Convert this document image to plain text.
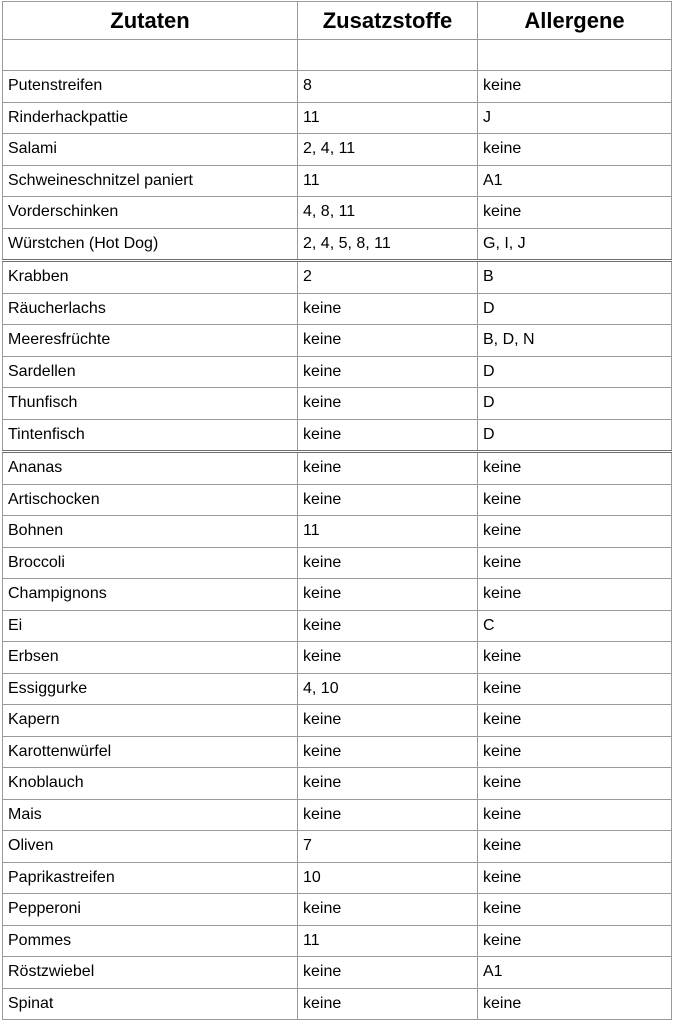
Zutaten	Zusatzstoffe	Allergene

Putenstreifen	8	keine
Rinderhackpattie	11	J
Salami	2, 4, 11	keine
Schweineschnitzel paniert	11	A1
Vorderschinken	4, 8, 11	keine
Würstchen (Hot Dog)	2, 4, 5, 8, 11	G, I, J
Krabben	2	B
Räucherlachs	keine	D
Meeresfrüchte	keine	B, D, N
Sardellen	keine	D
Thunfisch	keine	D
Tintenfisch	keine	D
Ananas	keine	keine
Artischocken	keine	keine
Bohnen	11	keine
Broccoli	keine	keine
Champignons	keine	keine
Ei	keine	C
Erbsen	keine	keine
Essiggurke	4, 10	keine
Kapern	keine	keine
Karottenwürfel	keine	keine
Knoblauch	keine	keine
Mais	keine	keine
Oliven	7	keine
Paprikastreifen	10	keine
Pepperoni	keine	keine
Pommes	11	keine
Röstzwiebel	keine	A1
Spinat	keine	keine
